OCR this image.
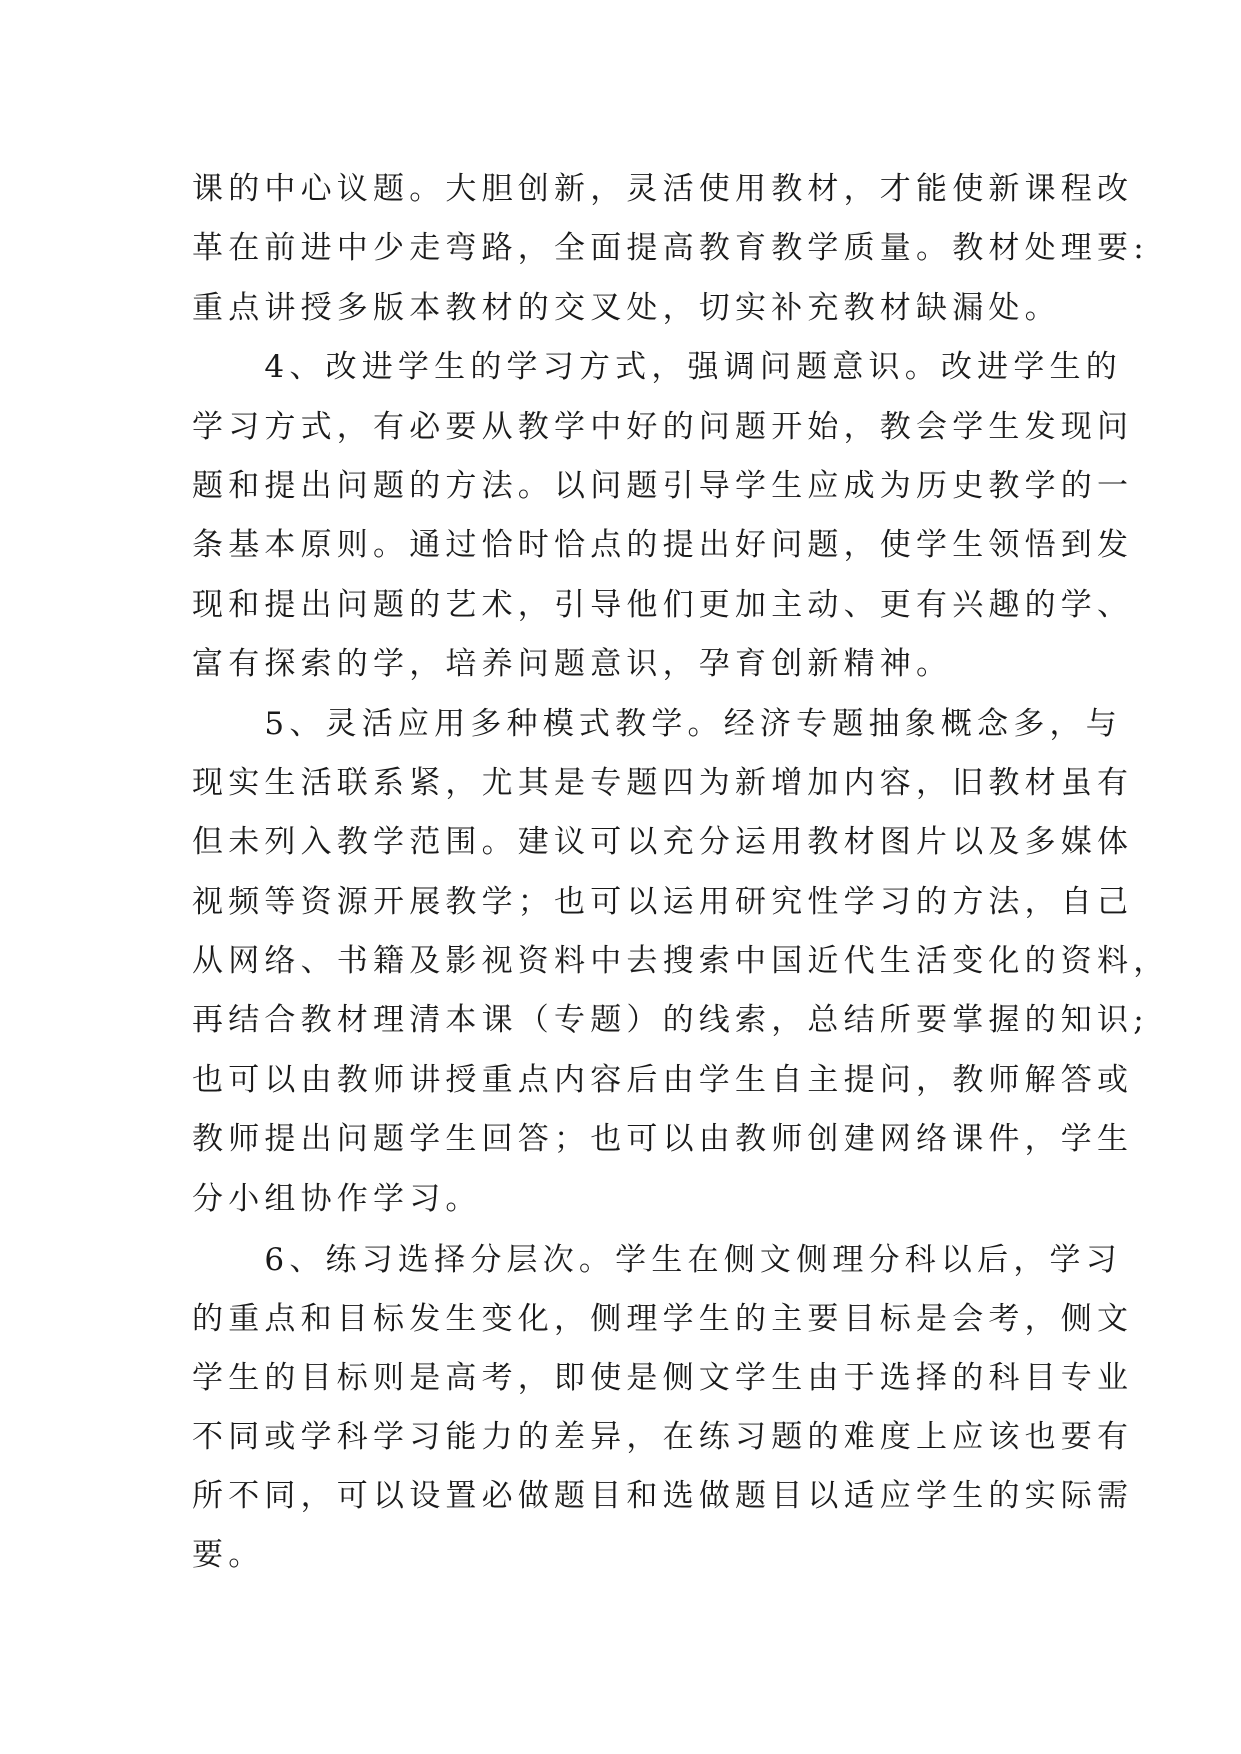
课的中心议题。大胆创新，灵活使用教材，才能使新课程改
革在前进中少走弯路，全面提高教育教学质量。教材处理要:
重点讲授多版本教材的交叉处，切实补充教材缺漏处。
　　4、改进学生的学习方式，强调问题意识。改进学生的
学习方式，有必要从教学中好的问题开始，教会学生发现问
题和提出问题的方法。以问题引导学生应成为历史教学的一
条基本原则。通过恰时恰点的提出好问题，使学生领悟到发
现和提出问题的艺术，引导他们更加主动、更有兴趣的学、
富有探索的学，培养问题意识，孕育创新精神。
　　5、灵活应用多种模式教学。经济专题抽象概念多，与
现实生活联系紧，尤其是专题四为新增加内容，旧教材虽有
但未列入教学范围。建议可以充分运用教材图片以及多媒体
视频等资源开展教学；也可以运用研究性学习的方法，自己
从网络、书籍及影视资料中去搜索中国近代生活变化的资料，
再结合教材理清本课（专题）的线索，总结所要掌握的知识;
也可以由教师讲授重点内容后由学生自主提问，教师解答或
教师提出问题学生回答；也可以由教师创建网络课件，学生
分小组协作学习。
　　6、练习选择分层次。学生在侧文侧理分科以后，学习
的重点和目标发生变化，侧理学生的主要目标是会考，侧文
学生的目标则是高考，即使是侧文学生由于选择的科目专业
不同或学科学习能力的差异，在练习题的难度上应该也要有
所不同，可以设置必做题目和选做题目以适应学生的实际需
要。
